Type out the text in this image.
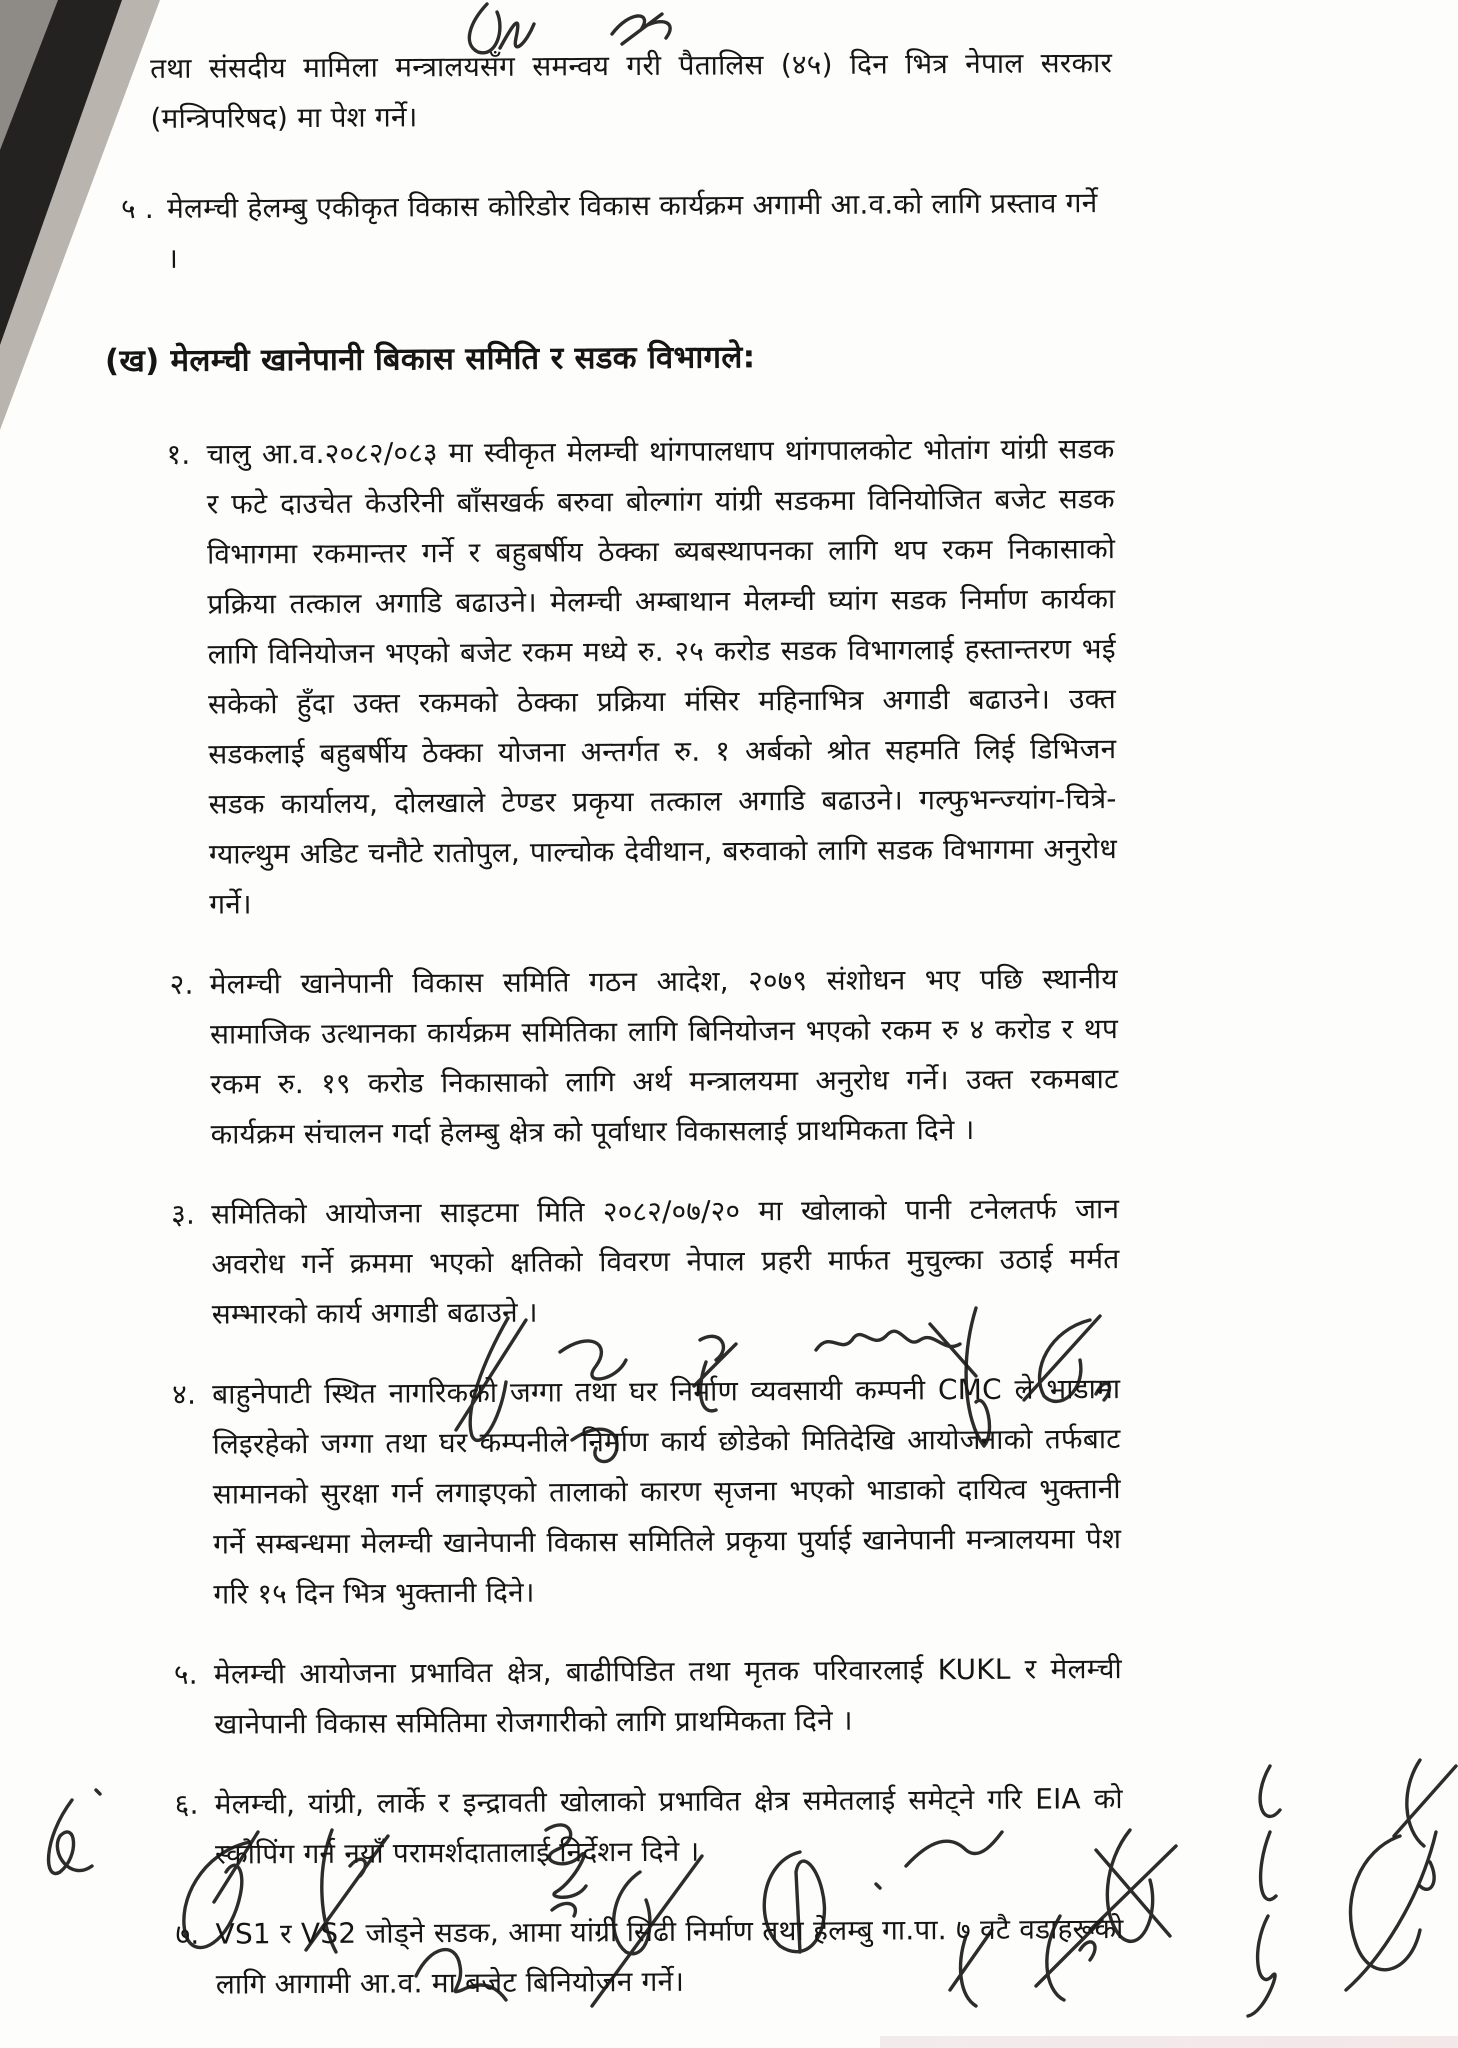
तथा संसदीय मामिला मन्त्रालयसँग समन्वय गरी पैतालिस (४५) दिन भित्र नेपाल सरकार (मन्त्रिपरिषद) मा पेश गर्ने।

५ . मेलम्ची हेलम्बु एकीकृत विकास कोरिडोर विकास कार्यक्रम अगामी आ.व.को लागि प्रस्ताव गर्ने ।
(ख) मेलम्ची खानेपानी बिकास समिति र सडक विभागले:
१. चालु आ.व.२०८२/०८३ मा स्वीकृत मेलम्ची थांगपालधाप थांगपालकोट भोतांग यांग्री सडक र फटे दाउचेत केउरिनी बाँसखर्क बरुवा बोल्गांग यांग्री सडकमा विनियोजित बजेट सडक विभागमा रकमान्तर गर्ने र बहुबर्षीय ठेक्का ब्यबस्थापनका लागि थप रकम निकासाको प्रक्रिया तत्काल अगाडि बढाउने। मेलम्ची अम्बाथान मेलम्ची घ्यांग सडक निर्माण कार्यका लागि विनियोजन भएको बजेट रकम मध्ये रु. २५ करोड सडक विभागलाई हस्तान्तरण भई सकेको हुँदा उक्त रकमको ठेक्का प्रक्रिया मंसिर महिनाभित्र अगाडी बढाउने। उक्त सडकलाई बहुबर्षीय ठेक्का योजना अन्तर्गत रु. १ अर्बको श्रोत सहमति लिई डिभिजन सडक कार्यालय, दोलखाले टेण्डर प्रकृया तत्काल अगाडि बढाउने। गल्फुभन्ज्यांग-चित्रे-ग्याल्थुम अडिट चनौटे रातोपुल, पाल्चोक देवीथान, बरुवाको लागि सडक विभागमा अनुरोध गर्ने।
२. मेलम्ची खानेपानी विकास समिति गठन आदेश, २०७९ संशोधन भए पछि स्थानीय सामाजिक उत्थानका कार्यक्रम समितिका लागि बिनियोजन भएको रकम रु ४ करोड र थप रकम रु. १९ करोड निकासाको लागि अर्थ मन्त्रालयमा अनुरोध गर्ने। उक्त रकमबाट कार्यक्रम संचालन गर्दा हेलम्बु क्षेत्र को पूर्वाधार विकासलाई प्राथमिकता दिने ।
३. समितिको आयोजना साइटमा मिति २०८२/०७/२० मा खोलाको पानी टनेलतर्फ जान अवरोध गर्ने क्रममा भएको क्षतिको विवरण नेपाल प्रहरी मार्फत मुचुल्का उठाई मर्मत सम्भारको कार्य अगाडी बढाउने ।
४. बाहुनेपाटी स्थित नागरिकको जग्गा तथा घर निर्माण व्यवसायी कम्पनी CMC ले भाडामा लिइरहेको जग्गा तथा घर कम्पनीले निर्माण कार्य छोडेको मितिदेखि आयोजनाको तर्फबाट सामानको सुरक्षा गर्न लगाइएको तालाको कारण सृजना भएको भाडाको दायित्व भुक्तानी गर्ने सम्बन्धमा मेलम्ची खानेपानी विकास समितिले प्रकृया पुर्याई खानेपानी मन्त्रालयमा पेश गरि १५ दिन भित्र भुक्तानी दिने।
५. मेलम्ची आयोजना प्रभावित क्षेत्र, बाढीपिडित तथा मृतक परिवारलाई KUKL र मेलम्ची खानेपानी विकास समितिमा रोजगारीको लागि प्राथमिकता दिने ।
६. मेलम्ची, यांग्री, लार्के र इन्द्रावती खोलाको प्रभावित क्षेत्र समेतलाई समेट्ने गरि EIA को स्कोपिंग गर्न नयाँ परामर्शदातालाई निर्देशन दिने ।
७. VS1 र VS2 जोड्ने सडक, आमा यांग्री सिढी निर्माण तथा हेलम्बु गा.पा. ७ वटै वडाहरूको लागि आगामी आ.व. मा बजेट बिनियोजन गर्ने।
